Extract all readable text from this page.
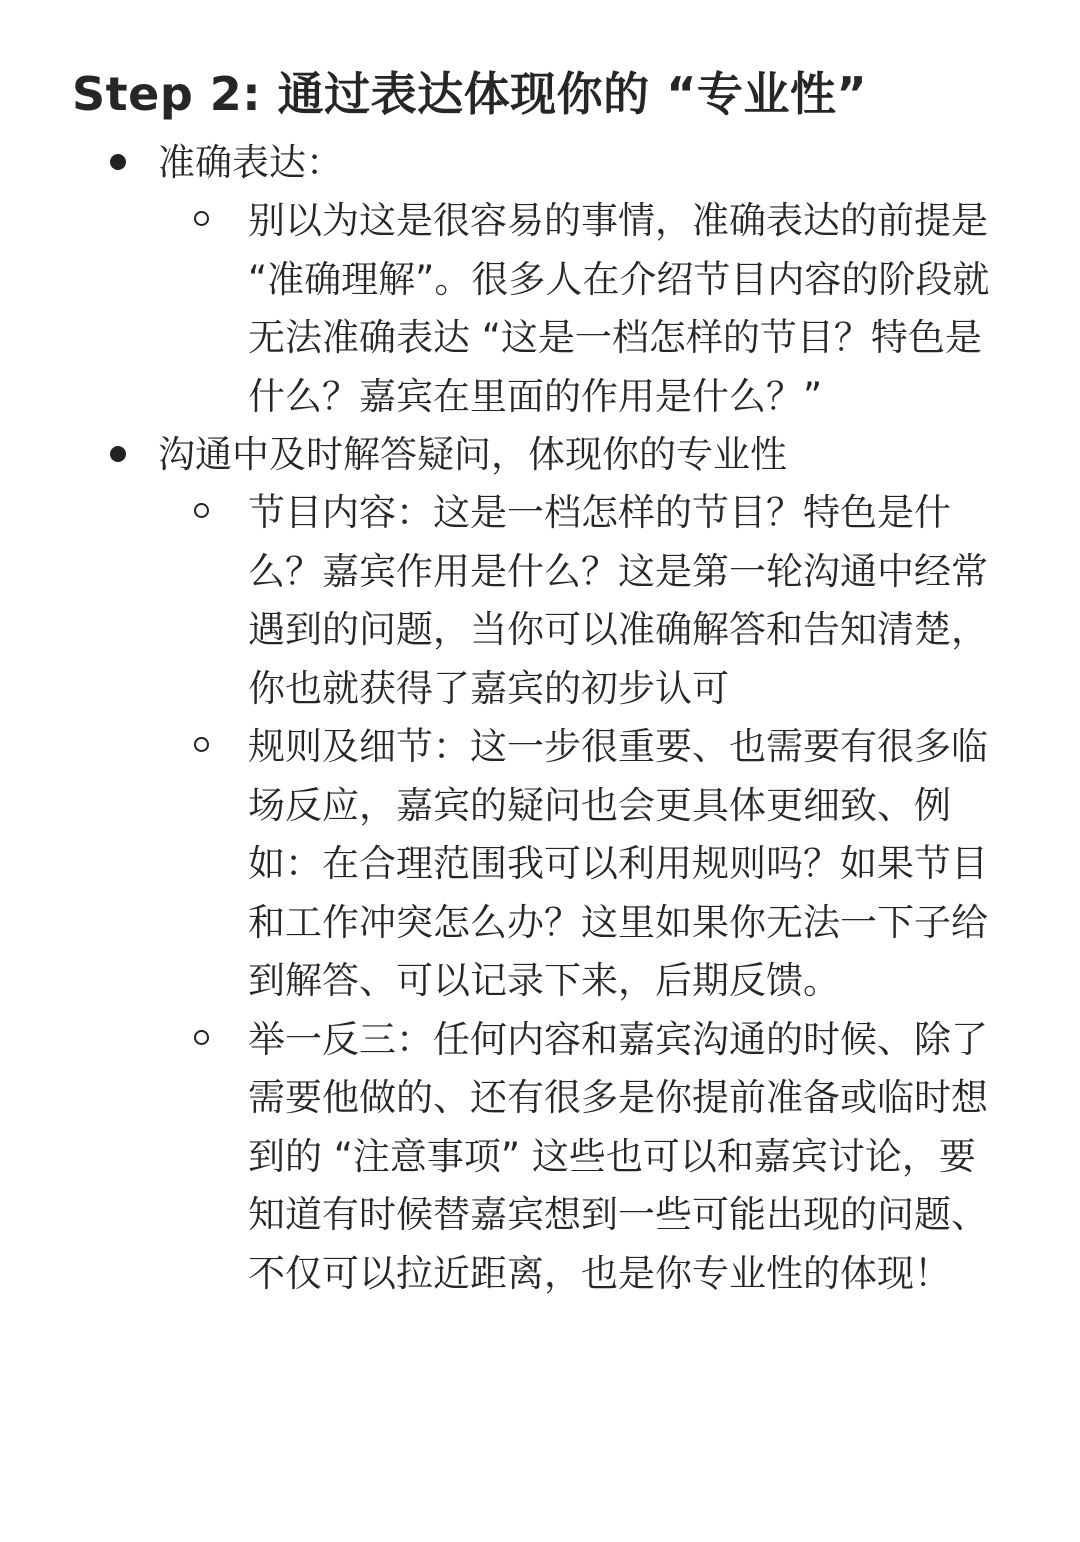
Step 2: 通过表达体现你的 “专业性”
准确表达：
别以为这是很容易的事情，准确表达的前提是 “准确理解”。很多人在介绍节目内容的阶段就无法准确表达 “这是一档怎样的节目？特色是什么？嘉宾在里面的作用是什么？”
沟通中及时解答疑问，体现你的专业性
节目内容：这是一档怎样的节目？特色是什么？嘉宾作用是什么？这是第一轮沟通中经常遇到的问题，当你可以准确解答和告知清楚，你也就获得了嘉宾的初步认可
规则及细节：这一步很重要、也需要有很多临场反应，嘉宾的疑问也会更具体更细致、例如：在合理范围我可以利用规则吗？如果节目和工作冲突怎么办？这里如果你无法一下子给到解答、可以记录下来，后期反馈。
举一反三：任何内容和嘉宾沟通的时候、除了需要他做的、还有很多是你提前准备或临时想到的 “注意事项” 这些也可以和嘉宾讨论，要知道有时候替嘉宾想到一些可能出现的问题、不仅可以拉近距离，也是你专业性的体现！
